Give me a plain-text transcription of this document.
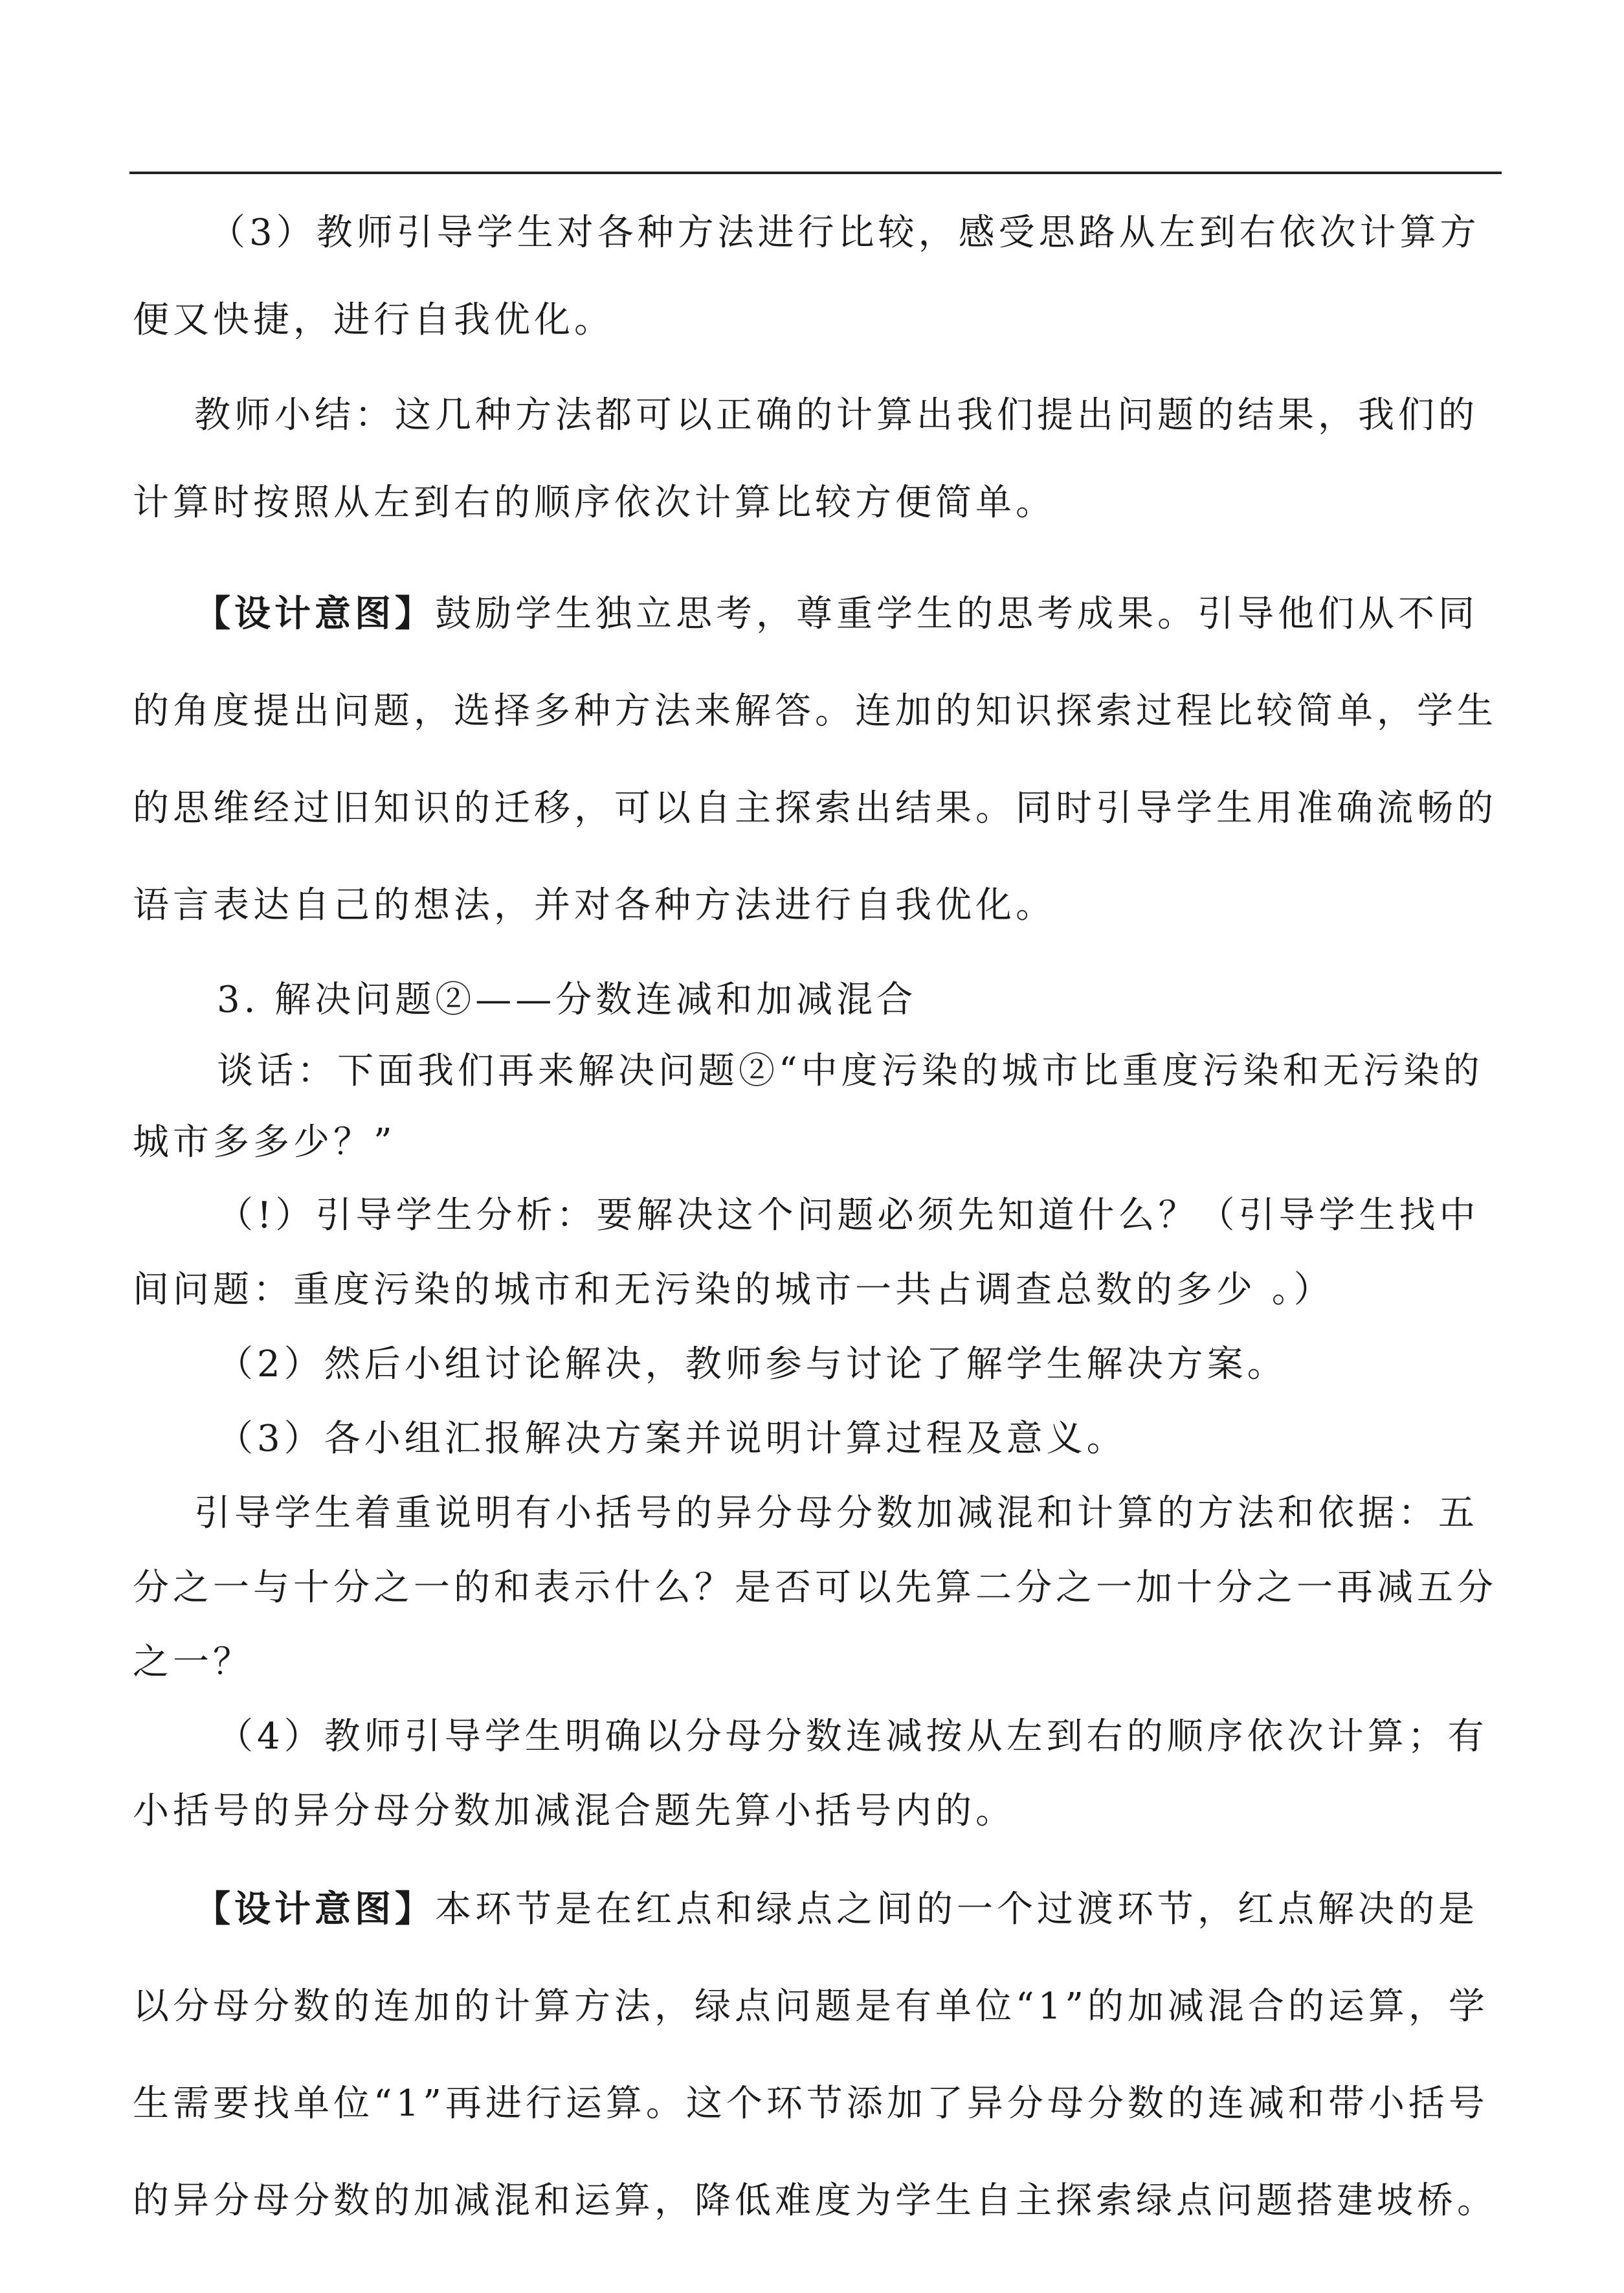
（3）教师引导学生对各种方法进行比较，感受思路从左到右依次计算方便又快捷，进行自我优化。

教师小结：这几种方法都可以正确的计算出我们提出问题的结果，我们的计算时按照从左到右的顺序依次计算比较方便简单。

【设计意图】鼓励学生独立思考，尊重学生的思考成果。引导他们从不同的角度提出问题，选择多种方法来解答。连加的知识探索过程比较简单，学生的思维经过旧知识的迁移，可以自主探索出结果。同时引导学生用准确流畅的语言表达自己的想法，并对各种方法进行自我优化。

3. 解决问题②——分数连减和加减混合

谈话：下面我们再来解决问题②“中度污染的城市比重度污染和无污染的城市多多少？”

（!）引导学生分析：要解决这个问题必须先知道什么？（引导学生找中间问题：重度污染的城市和无污染的城市一共占调查总数的多少 。）

（2）然后小组讨论解决，教师参与讨论了解学生解决方案。

（3）各小组汇报解决方案并说明计算过程及意义。

引导学生着重说明有小括号的异分母分数加减混和计算的方法和依据：五分之一与十分之一的和表示什么？是否可以先算二分之一加十分之一再减五分之一？

（4）教师引导学生明确以分母分数连减按从左到右的顺序依次计算；有小括号的异分母分数加减混合题先算小括号内的。

【设计意图】本环节是在红点和绿点之间的一个过渡环节，红点解决的是以分母分数的连加的计算方法，绿点问题是有单位“1”的加减混合的运算，学生需要找单位“1”再进行运算。这个环节添加了异分母分数的连减和带小括号的异分母分数的加减混和运算，降低难度为学生自主探索绿点问题搭建坡桥。
